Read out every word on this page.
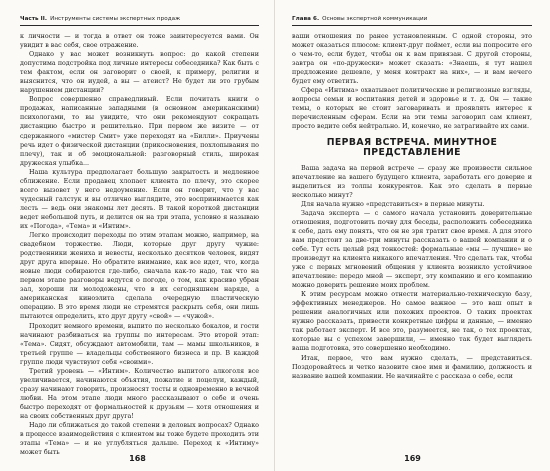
Часть II. Инструменты системы экспертных продаж

к личности — и тогда в ответ он тоже заинтересуется вами. Он увидит в вас себя, свое отражение.

Однако у вас может возникнуть вопрос: до какой степени допустима подстройка под личные интересы собеседника? Как быть с тем фактом, если он заговорит о своей, к примеру, религии и выяснится, что он иудей, а вы — атеист? Не будет ли это грубым нарушением дистанции?

Вопрос совершенно справедливый. Если почитать книги о продажах, написанные западными (в основном американскими) психологами, то вы увидите, что они рекомендуют сокращать дистанцию быстро и решительно. При первом же визите — от сдержанного «мистер Смит» уже переходят на «Билли». Приучены речь идет о физической дистанции (прикосновения, похлопывания по плечу), так и об эмоциональной: разговорный стиль, широкая дружеская улыбка...

Наша культура предполагает большую закрытость и медленное сближение. Если продавец хлопает клиента по плечу, это скорее всего вызовет у него недоумение. Если он говорит, что у вас чудесный галстук и вы отлично выглядите, это воспринимается как лесть — ведь они знакомы лет десять. В такой короткой дистанции ведет небольшой путь, и делится он на три этапа, условно я называю их «Погода», «Тема» и «Интим».

Легко происходит переходы по этим этапам можно, например, на свадебном торжестве. Люди, которые друг другу чужие: родственники жениха и невесты, несколько десятков человек, видят друг друга впервые. Но обратите внимание, как все идет, что, когда новые люди собираются где-либо, сначала как-то надо, так что на первом этапе разговоры ведутся о погоде, о том, как красиво убран зал, хороши ли молодожены, что в их сегодняшнем наряде, а американская киноэлита сделала очередную пластическую операцию. В это время люди не стремятся раскрыть себя, они лишь пытаются определить, кто друг другу «свой» — «чужой».

Проходит немного времени, выпито по несколько бокалов, и гости начинают разбиваться на группы по интересам. Это второй этап: «Тема». Сидят, обсуждают автомобили, там — мамы школьников, в третьей группе — владельцы собственного бизнеса и пр. В каждой группе люди чувствуют себя «своими».

Третий уровень — «Интим». Количество выпитого алкоголя все увеличивается, начинаются объятия, пожатие и поцелуи, каждый, сразу начинают говорить, произносят тосты и одновременно в вечной любви. На этом этапе люди много рассказывают о себе и очень быстро переходят от формальностей к друзьям — хотя отношения и на своих собственных друг друга!

Надо ли сближаться до такой степени в деловых вопросах? Однако в процессе взаимодействия с клиентом вы тоже будете проходить эти этапы «Тема» — и не углубляться дальше. Переход к «Интиму» может быть

168
Глава 6. Основы экспертной коммуникации

ваши отношения по ранее установленным. С одной стороны, это может оказаться плюсом: клиент-друг поймет, если вы попросите его о чем-то, если будет, чтобы он к вам привязан. С другой стороны, завтра он «по-дружески» может сказать: «Знаешь, я тут нашел предложение дешевле, у меня контракт на них», — и вам нечего будет ему ответить.

Сфера «Интима» охватывает политические и религиозные взгляды, вопросы семьи и воспитания детей и здоровье и т. д. Он — такие темы, о которых не стоит заговаривать и проявлять интерес к перечисленным сферам. Если на эти темы заговорил сам клиент, просто ведите себя нейтрально. И, конечно, не затрагивайте их сами.

ПЕРВАЯ ВСТРЕЧА. МИНУТНОЕ ПРЕДСТАВЛЕНИЕ

Ваша задача на первой встрече — сразу же произвести сильное впечатление на вашего будущего клиента, заработать его доверие и выделиться из толпы конкурентов. Как это сделать в первые несколько минут?

Для начала нужно «представиться» в первые минуты.

Задача эксперта — с самого начала установить доверительные отношения, подготовить почву для беседы, расположить собеседника к себе, дать ему понять, что он не зря тратит свое время. А для этого вам предстоит за две-три минуты рассказать о вашей компании и о себе. Тут есть целый ряд тонкостей: формальные «мы — лучшие» не произведут на клиента никакого впечатления. Что сделать так, чтобы уже с первых мгновений общения у клиента возникло устойчивое впечатление: передо мной — эксперт, эту компанию и его компанию можно доверить решение моих проблем.

К этим ресурсам можно отнести материально-техническую базу, эффективных менеджеров. Но самое важное — это ваш опыт в решении аналогичных или похожих проектов. О таких проектах нужно рассказать, привести конкретные цифры и данные, — именно так работает эксперт. И все это, разумеется, не так, о тех проектах, которые вы с успехом завершили, — именно так будет выглядеть ваша подготовка, это совершенно необходимо.

Итак, первое, что вам нужно сделать, — представиться. Поздоровайтесь и четко назовите свое имя и фамилию, должность и название вашей компании. Не начинайте с рассказа о себе, если

169
